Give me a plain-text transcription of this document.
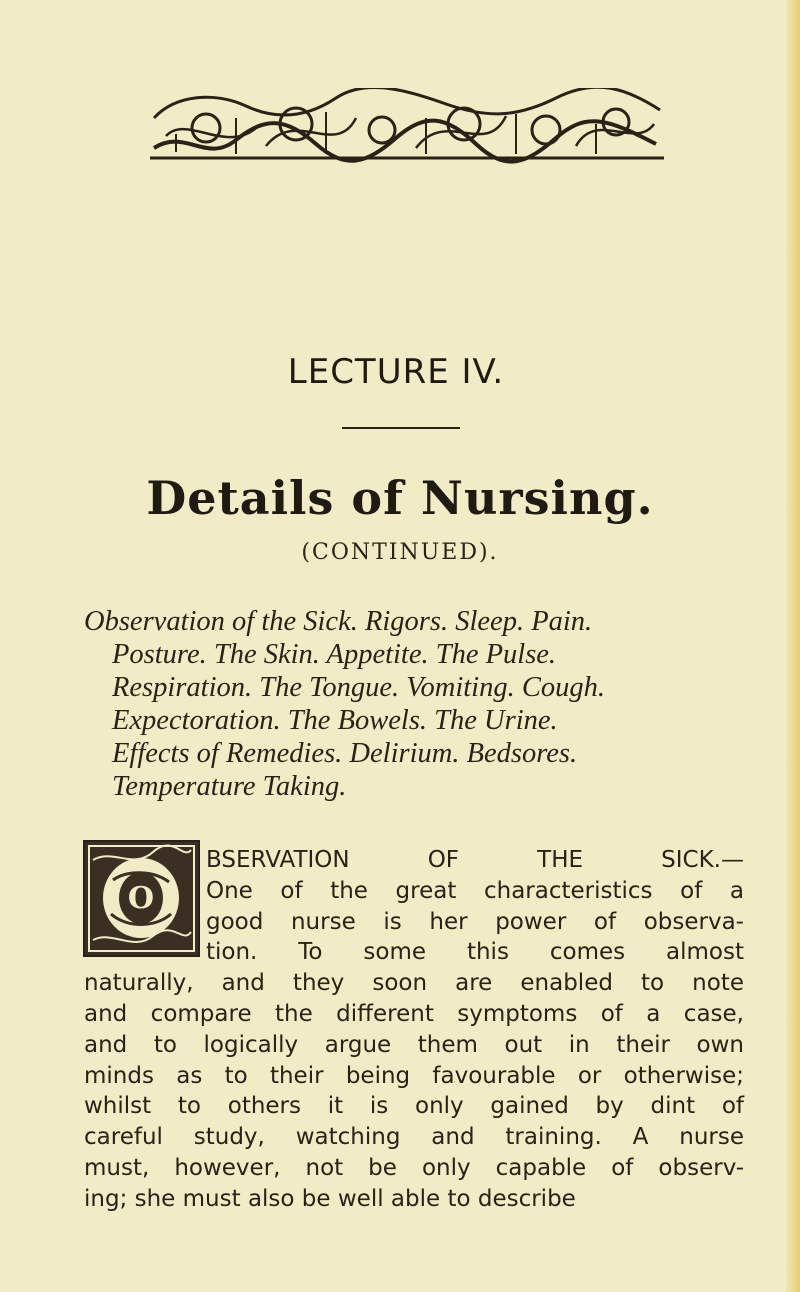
LECTURE IV.
Details of Nursing.
(CONTINUED).
Observation of the Sick. Rigors. Sleep. Pain.
Posture. The Skin. Appetite. The Pulse.
Respiration. The Tongue. Vomiting. Cough.
Expectoration. The Bowels. The Urine.
Effects of Remedies. Delirium. Bedsores.
Temperature Taking.
O
BSERVATION OF THE SICK.—
One of the great characteristics of a
good nurse is her power of observa-
tion. To some this comes almost
naturally, and they soon are enabled to note
and compare the different symptoms of a case,
and to logically argue them out in their own
minds as to their being favourable or otherwise;
whilst to others it is only gained by dint of
careful study, watching and training. A nurse
must, however, not be only capable of observ-
ing; she must also be well able to describe
